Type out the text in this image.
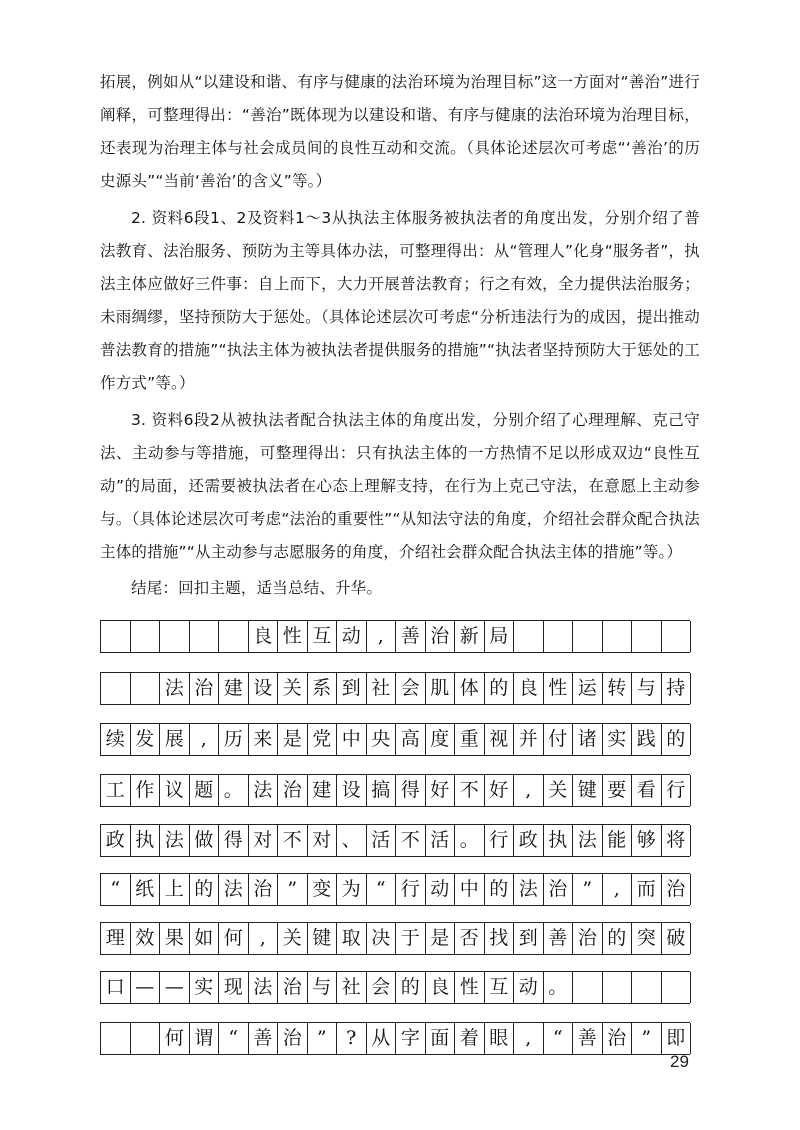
拓展，例如从“以建设和谐、有序与健康的法治环境为治理目标”这一方面对“善治”进行阐释，可整理得出：“善治”既体现为以建设和谐、有序与健康的法治环境为治理目标，还表现为治理主体与社会成员间的良性互动和交流。（具体论述层次可考虑“‘善治’的历史源头”“当前‘善治’的含义”等。）

2. 资料6段1、2及资料1～3从执法主体服务被执法者的角度出发，分别介绍了普法教育、法治服务、预防为主等具体办法，可整理得出：从“管理人”化身“服务者”，执法主体应做好三件事：自上而下，大力开展普法教育；行之有效，全力提供法治服务；未雨绸缪，坚持预防大于惩处。（具体论述层次可考虑“分析违法行为的成因，提出推动普法教育的措施”“执法主体为被执法者提供服务的措施”“执法者坚持预防大于惩处的工作方式”等。）

3. 资料6段2从被执法者配合执法主体的角度出发，分别介绍了心理理解、克己守法、主动参与等措施，可整理得出：只有执法主体的一方热情不足以形成双边“良性互动”的局面，还需要被执法者在心态上理解支持，在行为上克己守法，在意愿上主动参与。（具体论述层次可考虑“法治的重要性”“从知法守法的角度，介绍社会群众配合执法主体的措施”“从主动参与志愿服务的角度，介绍社会群众配合执法主体的措施”等。）

结尾：回扣主题，适当总结、升华。

良 性 互 动 , 善 治 新 局
法 治 建 设 关 系 到 社 会 肌 体 的 良 性 运 转 与 持
续 发 展 , 历 来 是 党 中 央 高 度 重 视 并 付 诸 实 践 的
工 作 议 题 。 法 治 建 设 搞 得 好 不 好 , 关 键 要 看 行
政 执 法 做 得 对 不 对 、 活 不 活 。 行 政 执 法 能 够 将
“ 纸 上 的 法 治 ” 变 为 “ 行 动 中 的 法 治 ”	, 而 治
理 效 果 如 何 , 关 键 取 决 于 是 否 找 到 善 治 的 突 破
口 — — 实 现 法 治 与 社 会 的 良 性 互 动 。
何 谓 “ 善 治 ”	? 从 字 面 着 眼 ,	“ 善 治 ” 即
29
